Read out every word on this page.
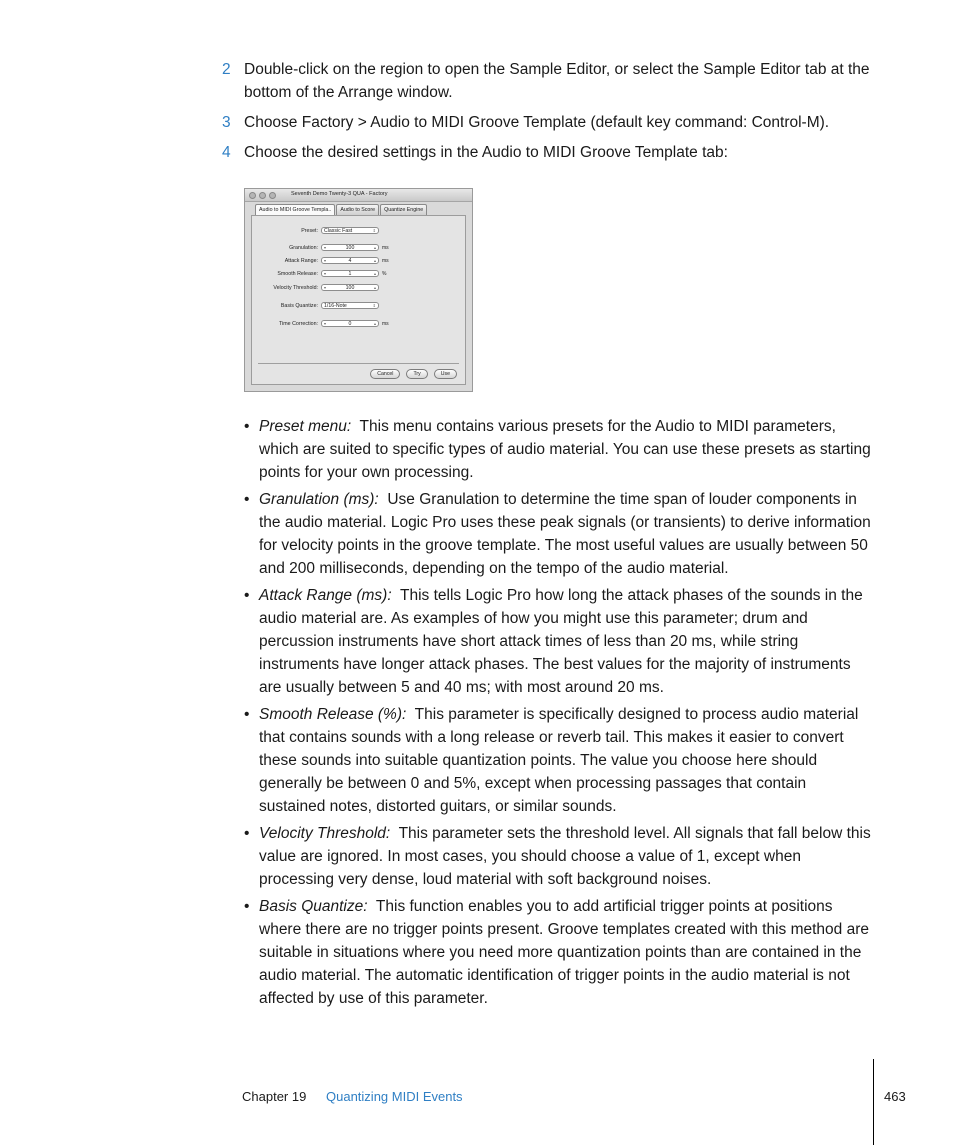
2 Double-click on the region to open the Sample Editor, or select the Sample Editor tab at the bottom of the Arrange window.
3 Choose Factory > Audio to MIDI Groove Template (default key command: Control-M).
4 Choose the desired settings in the Audio to MIDI Groove Template tab:
Seventh Demo Twenty-3 QUA - Factory
Audio to MIDI Groove Templa..	Audio to Score	Quantize Engine
Preset:	Classic Fast	⇕
Granulation:	▾	100	▴	ms
Attack Range:	▾	4	▴	ms
Smooth Release:	▾	1	▴	%
Velocity Threshold:	▾	100	▴
Basis Quantize:	1/16-Note	⇕
Time Correction:	▾	0	▴	ms
Cancel	Try	Use
• Preset menu: This menu contains various presets for the Audio to MIDI parameters, which are suited to specific types of audio material. You can use these presets as starting points for your own processing.
• Granulation (ms): Use Granulation to determine the time span of louder components in the audio material. Logic Pro uses these peak signals (or transients) to derive information for velocity points in the groove template. The most useful values are usually between 50 and 200 milliseconds, depending on the tempo of the audio material.
• Attack Range (ms): This tells Logic Pro how long the attack phases of the sounds in the audio material are. As examples of how you might use this parameter; drum and percussion instruments have short attack times of less than 20 ms, while string instruments have longer attack phases. The best values for the majority of instruments are usually between 5 and 40 ms; with most around 20 ms.
• Smooth Release (%): This parameter is specifically designed to process audio material that contains sounds with a long release or reverb tail. This makes it easier to convert these sounds into suitable quantization points. The value you choose here should generally be between 0 and 5%, except when processing passages that contain sustained notes, distorted guitars, or similar sounds.
• Velocity Threshold: This parameter sets the threshold level. All signals that fall below this value are ignored. In most cases, you should choose a value of 1, except when processing very dense, loud material with soft background noises.
• Basis Quantize: This function enables you to add artificial trigger points at positions where there are no trigger points present. Groove templates created with this method are suitable in situations where you need more quantization points than are contained in the audio material. The automatic identification of trigger points in the audio material is not affected by use of this parameter.
Chapter 19 Quantizing MIDI Events	463
